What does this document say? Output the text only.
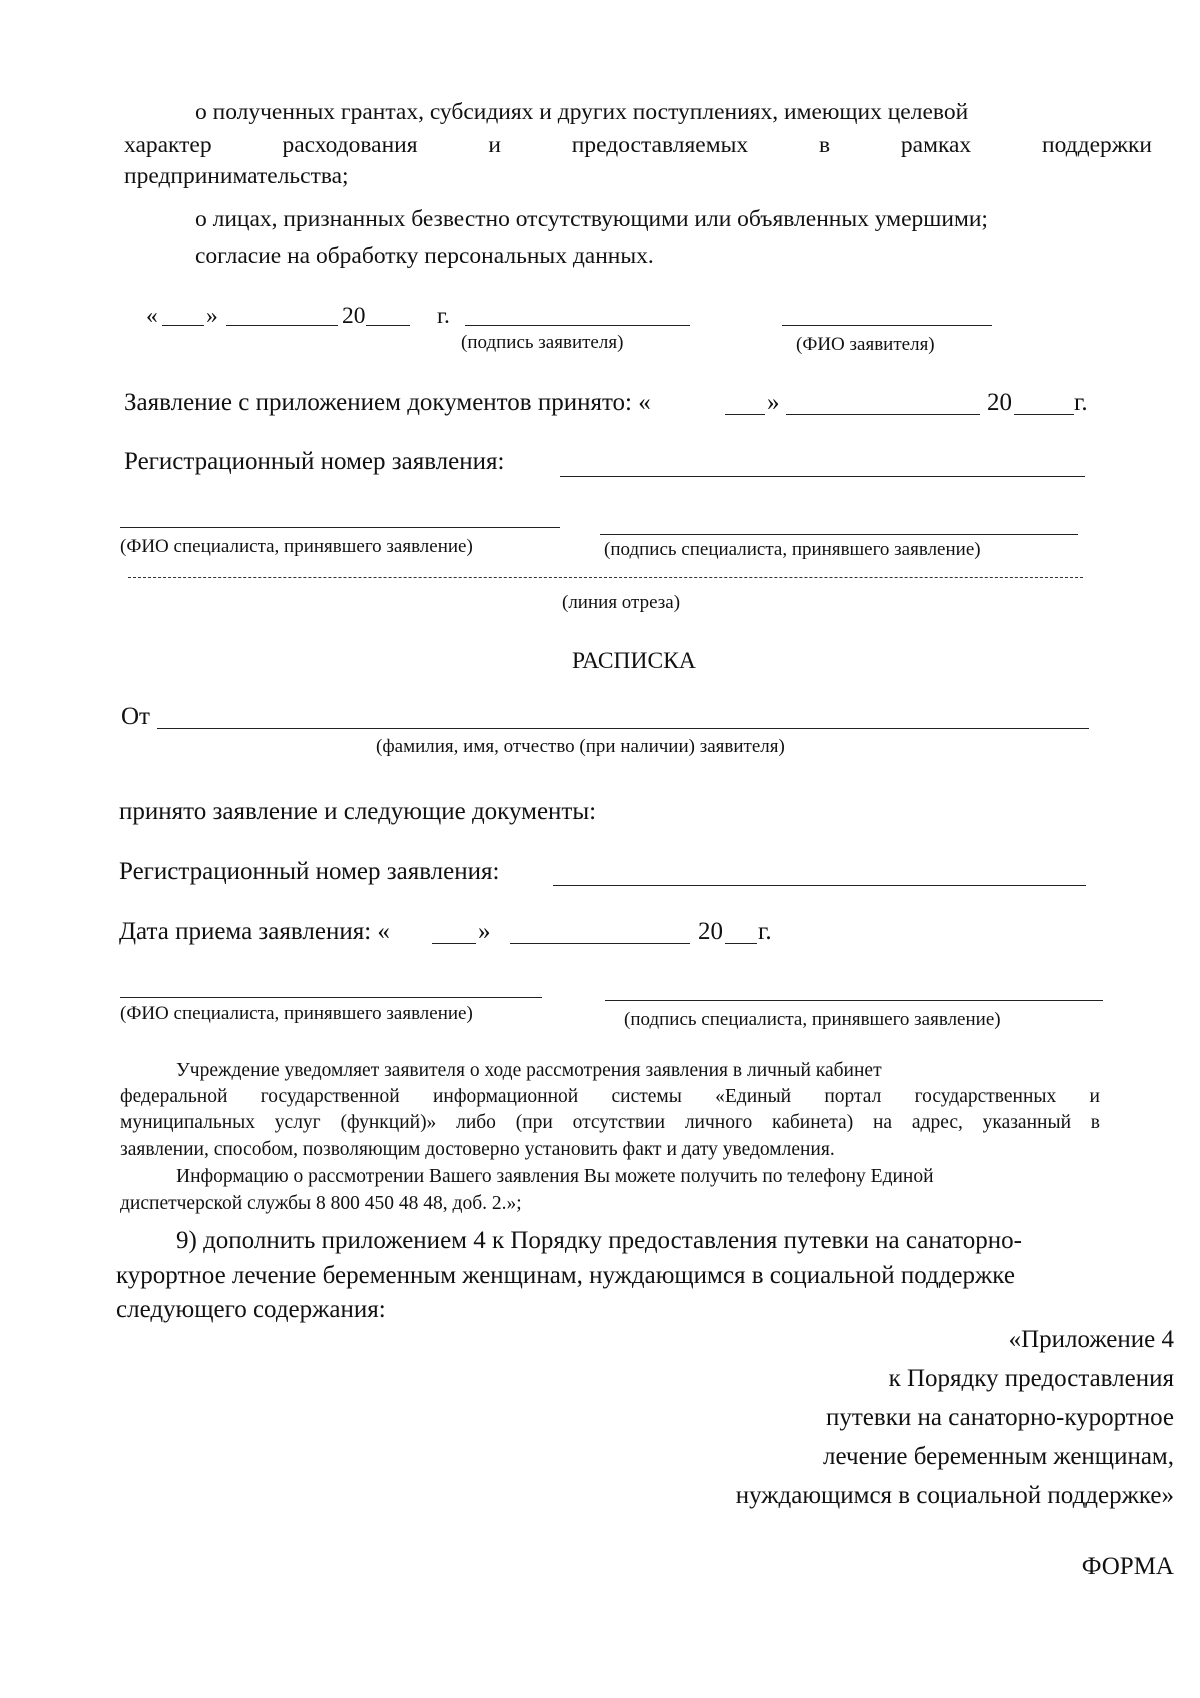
о полученных грантах, субсидиях и других поступлениях, имеющих целевой
характер расходования и предоставляемых в рамках поддержки
предпринимательства;
о лицах, признанных безвестно отсутствующими или объявленных умершими;
согласие на обработку персональных данных.
« »	20	г.
(подпись заявителя)	(ФИО заявителя)
Заявление с приложением документов принято: «	»	20 г.
Регистрационный номер заявления:
(ФИО специалиста, принявшего заявление)	(подпись специалиста, принявшего заявление)
(линия отреза)
РАСПИСКА
От
(фамилия, имя, отчество (при наличии) заявителя)
принято заявление и следующие документы:
Регистрационный номер заявления:
Дата приема заявления: «	»	20 г.
(ФИО специалиста, принявшего заявление)	(подпись специалиста, принявшего заявление)
Учреждение уведомляет заявителя о ходе рассмотрения заявления в личный кабинет
федеральной государственной информационной системы «Единый портал государственных и
муниципальных услуг (функций)» либо (при отсутствии личного кабинета) на адрес, указанный в
заявлении, способом, позволяющим достоверно установить факт и дату уведомления.
Информацию о рассмотрении Вашего заявления Вы можете получить по телефону Единой
диспетчерской службы 8 800 450 48 48, доб. 2.»;
9) дополнить приложением 4 к Порядку предоставления путевки на санаторно-
курортное лечение беременным женщинам, нуждающимся в социальной поддержке
следующего содержания:
«Приложение 4
к Порядку предоставления
путевки на санаторно-курортное
лечение беременным женщинам,
нуждающимся в социальной поддержке»
ФОРМА
